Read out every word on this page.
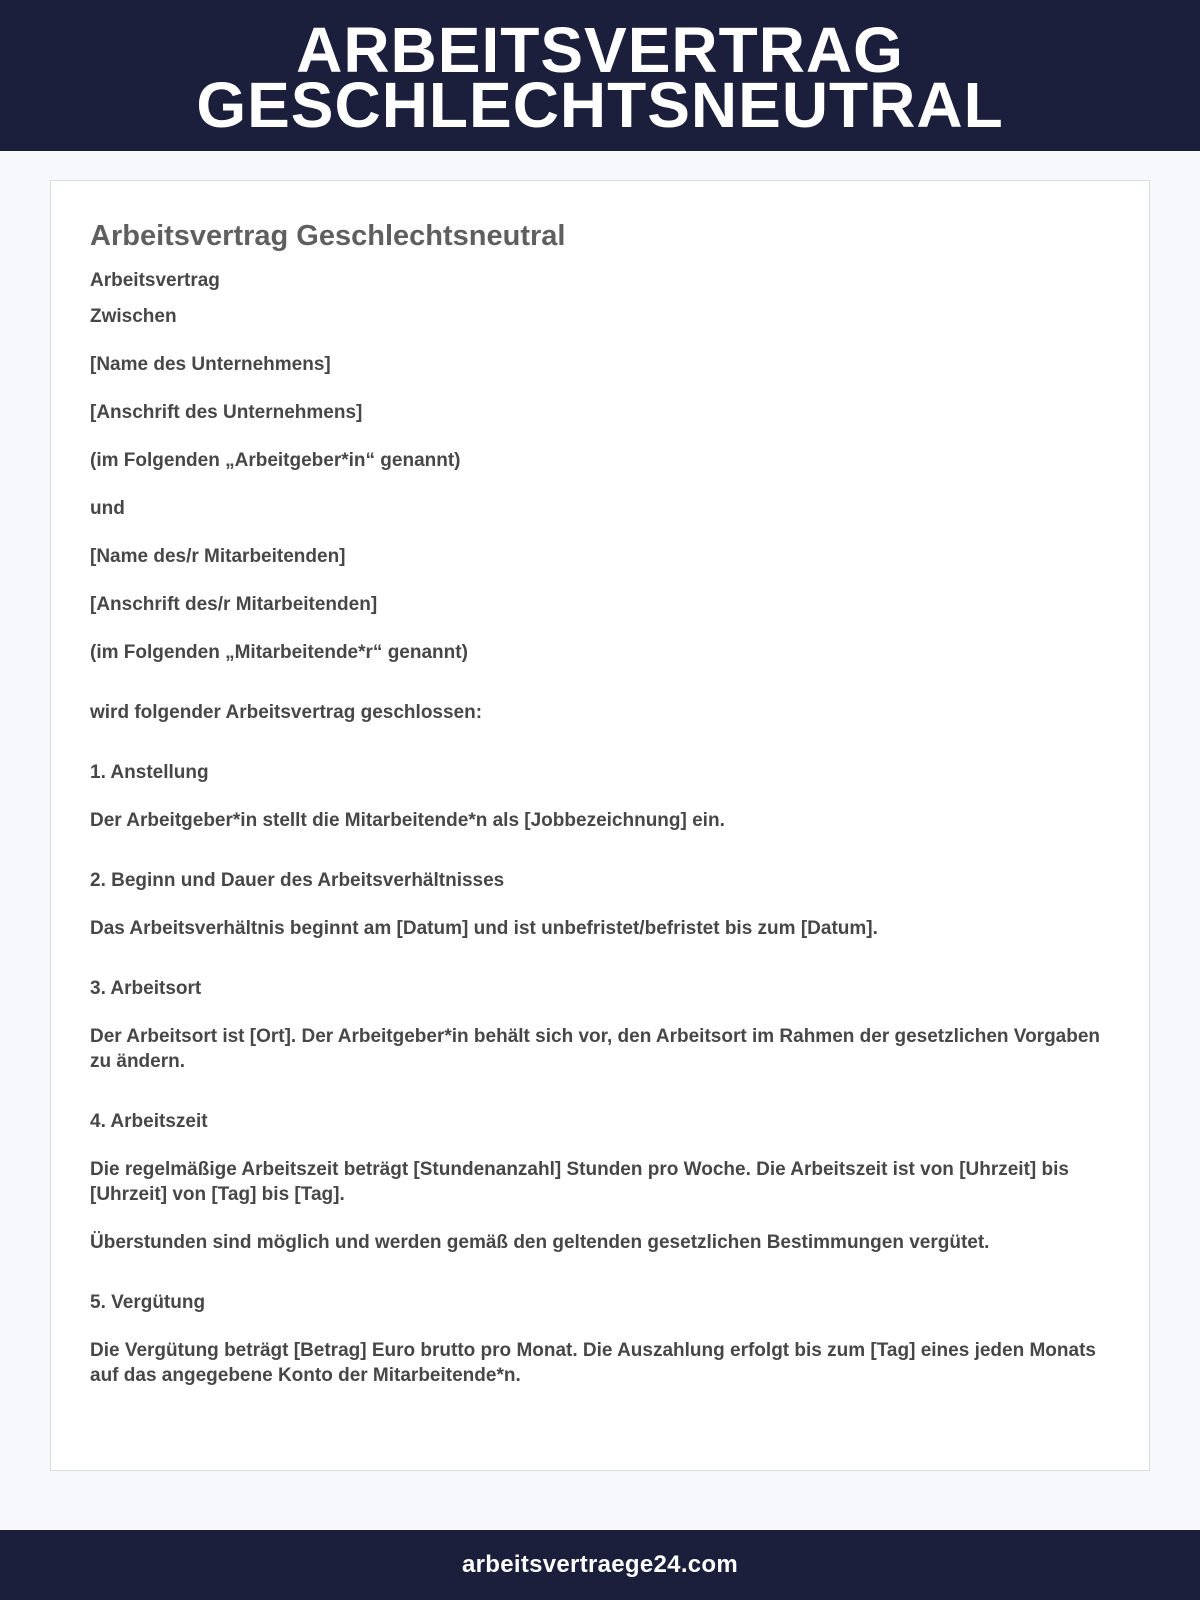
ARBEITSVERTRAG
GESCHLECHTSNEUTRAL
Arbeitsvertrag Geschlechtsneutral
Arbeitsvertrag
Zwischen
[Name des Unternehmens]
[Anschrift des Unternehmens]
(im Folgenden „Arbeitgeber*in“ genannt)
und
[Name des/r Mitarbeitenden]
[Anschrift des/r Mitarbeitenden]
(im Folgenden „Mitarbeitende*r“ genannt)
wird folgender Arbeitsvertrag geschlossen:
1. Anstellung

Der Arbeitgeber*in stellt die Mitarbeitende*n als [Jobbezeichnung] ein.

2. Beginn und Dauer des Arbeitsverhältnisses

Das Arbeitsverhältnis beginnt am [Datum] und ist unbefristet/befristet bis zum [Datum].

3. Arbeitsort

Der Arbeitsort ist [Ort]. Der Arbeitgeber*in behält sich vor, den Arbeitsort im Rahmen der gesetzlichen Vorgaben zu ändern.

4. Arbeitszeit

Die regelmäßige Arbeitszeit beträgt [Stundenanzahl] Stunden pro Woche. Die Arbeitszeit ist von [Uhrzeit] bis [Uhrzeit] von [Tag] bis [Tag].

Überstunden sind möglich und werden gemäß den geltenden gesetzlichen Bestimmungen vergütet.

5. Vergütung

Die Vergütung beträgt [Betrag] Euro brutto pro Monat. Die Auszahlung erfolgt bis zum [Tag] eines jeden Monats auf das angegebene Konto der Mitarbeitende*n.

arbeitsvertraege24.com
